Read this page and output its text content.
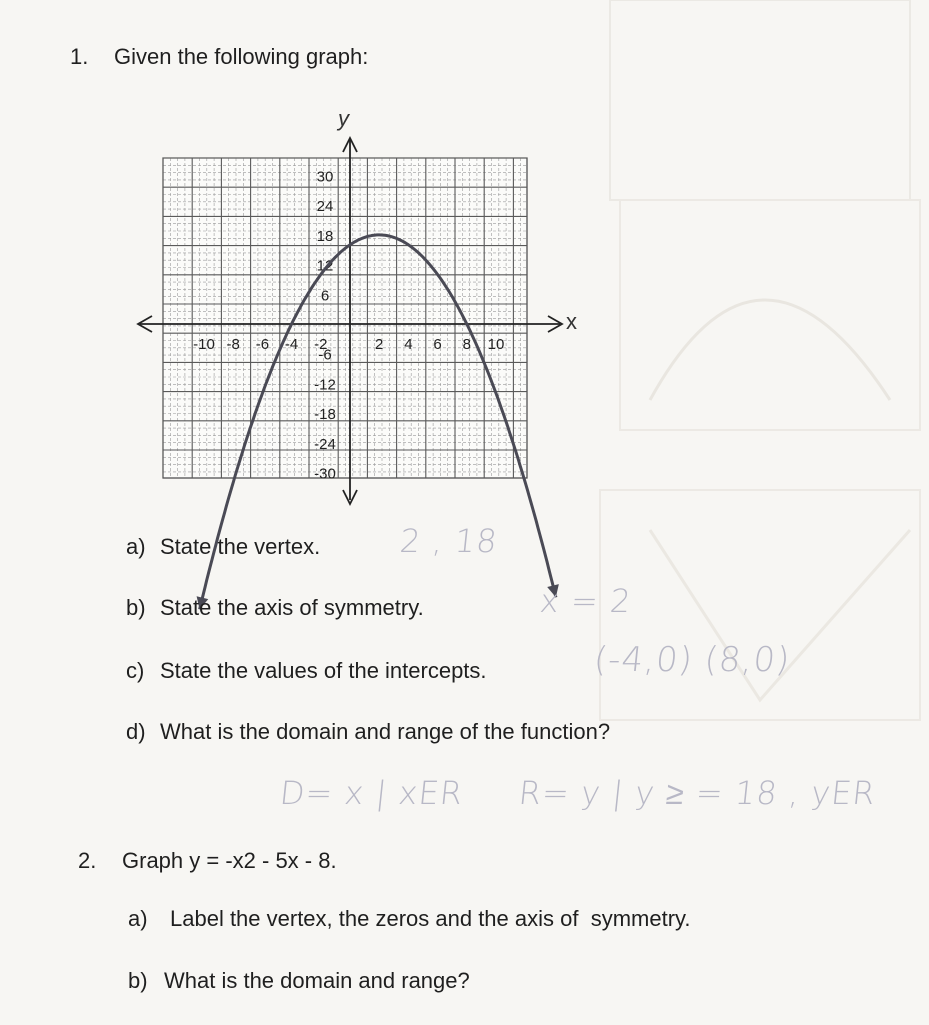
1. Given the following graph:
-10 -8 -6 -4 -2	2 4 6 8 10
30
24
18
12
6
-6
-12
-18
-24
-30
y
x
a) State the vertex. 2 , 18
b) State the axis of symmetry.	x = 2
c) State the values of the intercepts.	(-4,0) (8,0)
d) What is the domain and range of the function?
D= x | xER     R= y | y ≥ = 18 , yER
2. Graph y = -x2 - 5x - 8.
a) Label the vertex, the zeros and the axis of  symmetry.
b) What is the domain and range?
